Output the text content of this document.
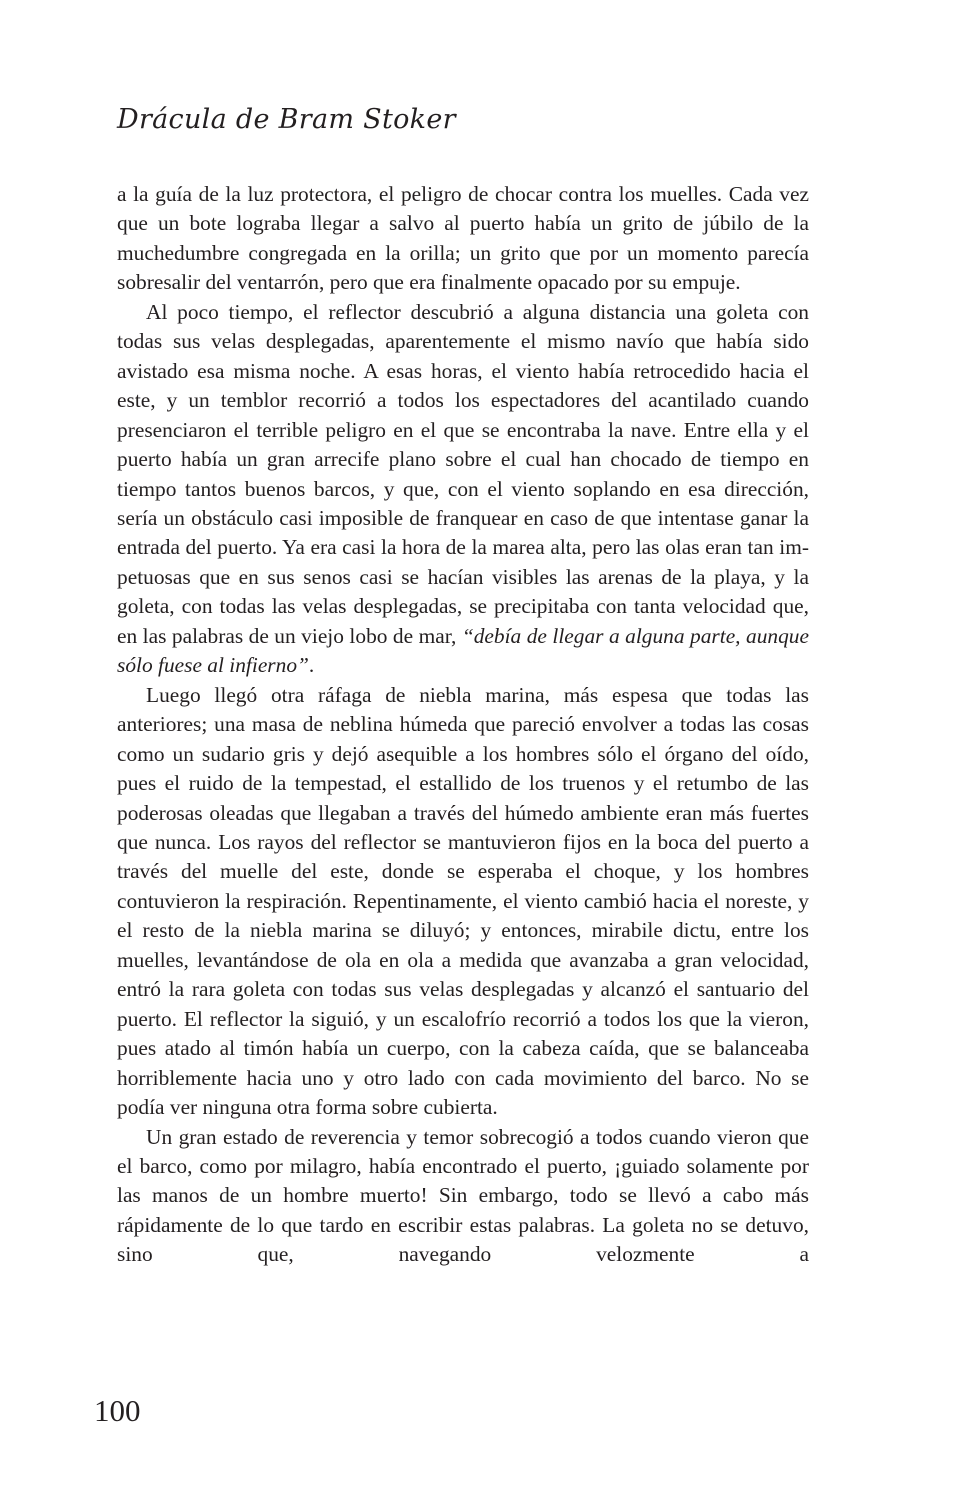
Drácula de Bram Stoker

a la guía de la luz protectora, el peligro de chocar contra los muelles. Cada vez que un bote lograba llegar a salvo al puerto había un grito de júbilo de la muchedumbre congregada en la orilla; un grito que por un momento parecía sobresalir del ventarrón, pero que era finalmente opacado por su empuje.

Al poco tiempo, el reflector descubrió a alguna distancia una goleta con todas sus velas desplegadas, aparentemente el mismo navío que había sido avistado esa misma noche. A esas horas, el viento había retrocedido hacia el este, y un temblor recorrió a todos los espectadores del acantilado cuando presenciaron el terrible peligro en el que se encontraba la nave. Entre ella y el puerto había un gran arrecife plano sobre el cual han chocado de tiempo en tiempo tantos buenos barcos, y que, con el viento soplando en esa dirección, sería un obstáculo casi imposible de franquear en caso de que intentase ganar la entrada del puerto. Ya era casi la hora de la marea alta, pero las olas eran tan impetuosas que en sus senos casi se hacían visibles las arenas de la playa, y la goleta, con todas las velas desplegadas, se precipitaba con tanta velocidad que, en las palabras de un viejo lobo de mar, “debía de llegar a alguna parte, aunque sólo fuese al infierno”.

Luego llegó otra ráfaga de niebla marina, más espesa que todas las anteriores; una masa de neblina húmeda que pareció envolver a todas las cosas como un sudario gris y dejó asequible a los hombres sólo el órgano del oído, pues el ruido de la tempestad, el estallido de los truenos y el retumbo de las poderosas oleadas que llegaban a través del húmedo ambiente eran más fuertes que nunca. Los rayos del reflector se mantuvieron fijos en la boca del puerto a través del muelle del este, donde se esperaba el choque, y los hombres contuvieron la respiración. Repentinamente, el viento cambió hacia el noreste, y el resto de la niebla marina se diluyó; y entonces, mirabile dictu, entre los muelles, levantándose de ola en ola a medida que avanzaba a gran velocidad, entró la rara goleta con todas sus velas desplegadas y alcanzó el santuario del puerto. El reflector la siguió, y un escalofrío recorrió a todos los que la vieron, pues atado al timón había un cuerpo, con la cabeza caída, que se balanceaba horriblemente hacia uno y otro lado con cada movimiento del barco. No se podía ver ninguna otra forma sobre cubierta.

Un gran estado de reverencia y temor sobrecogió a todos cuando vieron que el barco, como por milagro, había encontrado el puerto, ¡guiado solamente por las manos de un hombre muerto! Sin embargo, todo se llevó a cabo más rápidamente de lo que tardo en escribir estas palabras. La goleta no se detuvo, sino que, navegando velozmente a

100
